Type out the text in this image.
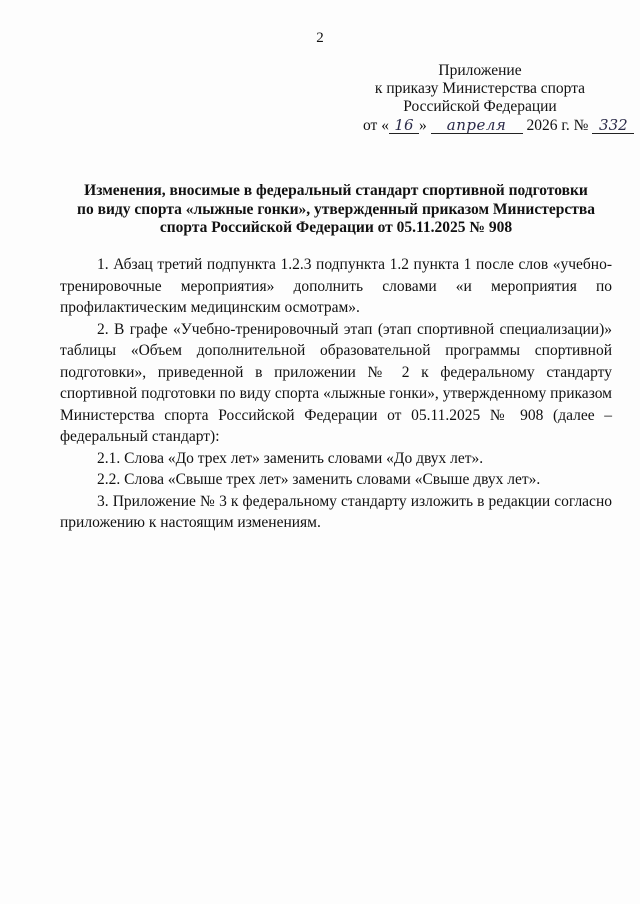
2
Приложение
к приказу Министерства спорта
Российской Федерации
от « 16 » апреля 2026 г. № 332
Изменения, вносимые в федеральный стандарт спортивной подготовки
по виду спорта «лыжные гонки», утвержденный приказом Министерства
спорта Российской Федерации от 05.11.2025 № 908

1. Абзац третий подпункта 1.2.3 подпункта 1.2 пункта 1 после слов «учебно-тренировочные мероприятия» дополнить словами «и мероприятия по профилактическим медицинским осмотрам».

2. В графе «Учебно-тренировочный этап (этап спортивной специализации)» таблицы «Объем дополнительной образовательной программы спортивной подготовки», приведенной в приложении № 2 к федеральному стандарту спортивной подготовки по виду спорта «лыжные гонки», утвержденному приказом Министерства спорта Российской Федерации от 05.11.2025 № 908 (далее – федеральный стандарт):

2.1. Слова «До трех лет» заменить словами «До двух лет».

2.2. Слова «Свыше трех лет» заменить словами «Свыше двух лет».

3. Приложение № 3 к федеральному стандарту изложить в редакции согласно приложению к настоящим изменениям.
